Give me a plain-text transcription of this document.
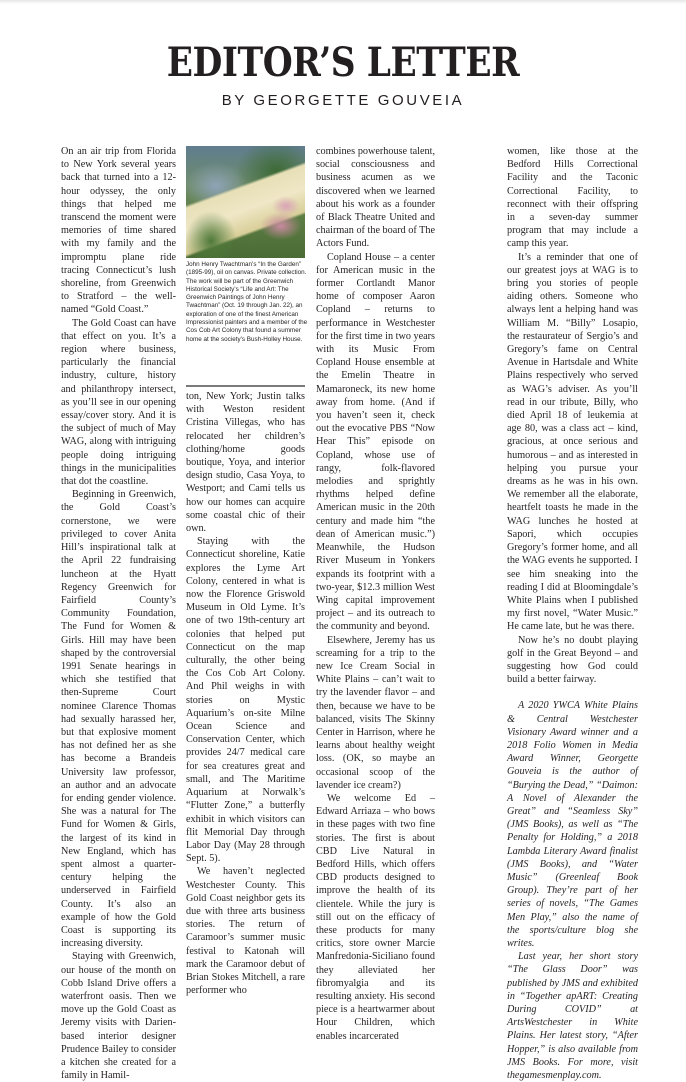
EDITOR’S LETTER
BY GEORGETTE GOUVEIA

On an air trip from Florida to New York several years back that turned into a 12-hour odyssey, the only things that helped me transcend the moment were memories of time shared with my family and the impromptu plane ride tracing Connecticut’s lush shoreline, from Greenwich to Stratford – the well-named “Gold Coast.”

The Gold Coast can have that effect on you. It’s a region where business, particularly the financial industry, culture, history and philanthropy intersect, as you’ll see in our opening essay/cover story. And it is the subject of much of May WAG, along with intriguing people doing intriguing things in the municipalities that dot the coastline.

Beginning in Greenwich, the Gold Coast’s cornerstone, we were privileged to cover Anita Hill’s inspirational talk at the April 22 fundraising luncheon at the Hyatt Regency Greenwich for Fairfield County’s Community Foundation, The Fund for Women & Girls. Hill may have been shaped by the controversial 1991 Senate hearings in which she testified that then-Supreme Court nominee Clarence Thomas had sexually harassed her, but that explosive moment has not defined her as she has become a Brandeis University law professor, an author and an advocate for ending gender violence. She was a natural for The Fund for Women & Girls, the largest of its kind in New England, which has spent almost a quarter-century helping the underserved in Fairfield County. It’s also an example of how the Gold Coast is supporting its increasing diversity.

Staying with Greenwich, our house of the month on Cobb Island Drive offers a waterfront oasis. Then we move up the Gold Coast as Jeremy visits with Darien-based interior designer Prudence Bailey to consider a kitchen she created for a family in Hamil-

John Henry Twachtman’s “In the Garden” (1895-99), oil on canvas. Private collection. The work will be part of the Greenwich Historical Society’s “Life and Art: The Greenwich Paintings of John Henry Twachtman” (Oct. 19 through Jan. 22), an exploration of one of the finest American Impressionist painters and a member of the Cos Cob Art Colony that found a summer home at the society’s Bush-Holley House.

ton, New York; Justin talks with Weston resident Cristina Villegas, who has relocated her children’s clothing/home goods boutique, Yoya, and interior design studio, Casa Yoya, to Westport; and Cami tells us how our homes can acquire some coastal chic of their own.

Staying with the Connecticut shoreline, Katie explores the Lyme Art Colony, centered in what is now the Florence Griswold Museum in Old Lyme. It’s one of two 19th-century art colonies that helped put Connecticut on the map culturally, the other being the Cos Cob Art Colony. And Phil weighs in with stories on Mystic Aquarium’s on-site Milne Ocean Science and Conservation Center, which provides 24/7 medical care for sea creatures great and small, and The Maritime Aquarium at Norwalk’s “Flutter Zone,” a butterfly exhibit in which visitors can flit Memorial Day through Labor Day (May 28 through Sept. 5).

We haven’t neglected Westchester County. This Gold Coast neighbor gets its due with three arts business stories. The return of Caramoor’s summer music festival to Katonah will mark the Caramoor debut of Brian Stokes Mitchell, a rare performer who

combines powerhouse talent, social consciousness and business acumen as we discovered when we learned about his work as a founder of Black Theatre United and chairman of the board of The Actors Fund.

Copland House – a center for American music in the former Cortlandt Manor home of composer Aaron Copland – returns to performance in Westchester for the first time in two years with its Music From Copland House ensemble at the Emelin Theatre in Mamaroneck, its new home away from home. (And if you haven’t seen it, check out the evocative PBS “Now Hear This” episode on Copland, whose use of rangy, folk-flavored melodies and sprightly rhythms helped define American music in the 20th century and made him “the dean of American music.”) Meanwhile, the Hudson River Museum in Yonkers expands its footprint with a two-year, $12.3 million West Wing capital improvement project – and its outreach to the community and beyond.

Elsewhere, Jeremy has us screaming for a trip to the new Ice Cream Social in White Plains – can’t wait to try the lavender flavor – and then, because we have to be balanced, visits The Skinny Center in Harrison, where he learns about healthy weight loss. (OK, so maybe an occasional scoop of the lavender ice cream?)

We welcome Ed – Edward Arriaza – who bows in these pages with two fine stories. The first is about CBD Live Natural in Bedford Hills, which offers CBD products designed to improve the health of its clientele. While the jury is still out on the efficacy of these products for many critics, store owner Marcie Manfredonia-Siciliano found they alleviated her fibromyalgia and its resulting anxiety. His second piece is a heartwarmer about Hour Children, which enables incarcerated

women, like those at the Bedford Hills Correctional Facility and the Taconic Correctional Facility, to reconnect with their offspring in a seven-day summer program that may include a camp this year.

It’s a reminder that one of our greatest joys at WAG is to bring you stories of people aiding others. Someone who always lent a helping hand was William M. “Billy” Losapio, the restaurateur of Sergio’s and Gregory’s fame on Central Avenue in Hartsdale and White Plains respectively who served as WAG’s adviser. As you’ll read in our tribute, Billy, who died April 18 of leukemia at age 80, was a class act – kind, gracious, at once serious and humorous – and as interested in helping you pursue your dreams as he was in his own. We remember all the elaborate, heartfelt toasts he made in the WAG lunches he hosted at Sapori, which occupies Gregory’s former home, and all the WAG events he supported. I see him sneaking into the reading I did at Bloomingdale’s White Plains when I published my first novel, “Water Music.” He came late, but he was there.

Now he’s no doubt playing golf in the Great Beyond – and suggesting how God could build a better fairway.

A 2020 YWCA White Plains & Central Westchester Visionary Award winner and a 2018 Folio Women in Media Award Winner, Georgette Gouveia is the author of “Burying the Dead,” “Daimon: A Novel of Alexander the Great” and “Seamless Sky” (JMS Books), as well as “The Penalty for Holding,” a 2018 Lambda Literary Award finalist (JMS Books), and “Water Music” (Greenleaf Book Group). They’re part of her series of novels, “The Games Men Play,” also the name of the sports/culture blog she writes.

Last year, her short story “The Glass Door” was published by JMS and exhibited in “Together apART: Creating During COVID” at ArtsWestchester in White Plains. Her latest story, “After Hopper,” is also available from JMS Books. For more, visit thegamesmenplay.com.
